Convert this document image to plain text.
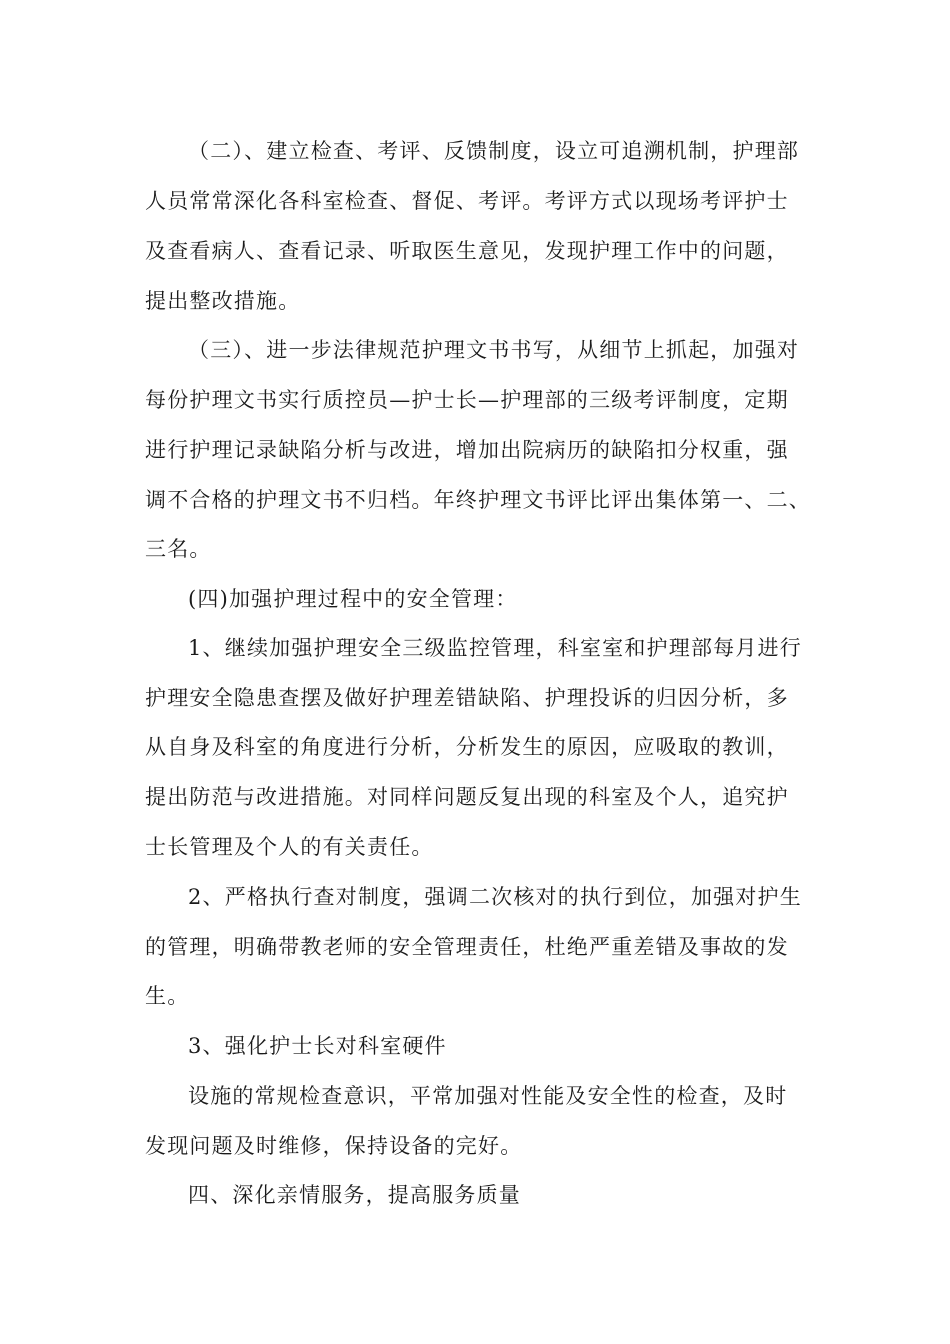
（二）、建立检查、考评、反馈制度，设立可追溯机制，护理部
人员常常深化各科室检查、督促、考评。考评方式以现场考评护士
及查看病人、查看记录、听取医生意见，发现护理工作中的问题，
提出整改措施。
（三）、进一步法律规范护理文书书写，从细节上抓起，加强对
每份护理文书实行质控员—护士长—护理部的三级考评制度，定期
进行护理记录缺陷分析与改进，增加出院病历的缺陷扣分权重，强
调不合格的护理文书不归档。年终护理文书评比评出集体第一、二、
三名。
(四)加强护理过程中的安全管理：
1、继续加强护理安全三级监控管理，科室室和护理部每月进行
护理安全隐患查摆及做好护理差错缺陷、护理投诉的归因分析，多
从自身及科室的角度进行分析，分析发生的原因，应吸取的教训，
提出防范与改进措施。对同样问题反复出现的科室及个人，追究护
士长管理及个人的有关责任。
2、严格执行查对制度，强调二次核对的执行到位，加强对护生
的管理，明确带教老师的安全管理责任，杜绝严重差错及事故的发
生。
3、强化护士长对科室硬件
设施的常规检查意识，平常加强对性能及安全性的检查，及时
发现问题及时维修，保持设备的完好。
四、深化亲情服务，提高服务质量
